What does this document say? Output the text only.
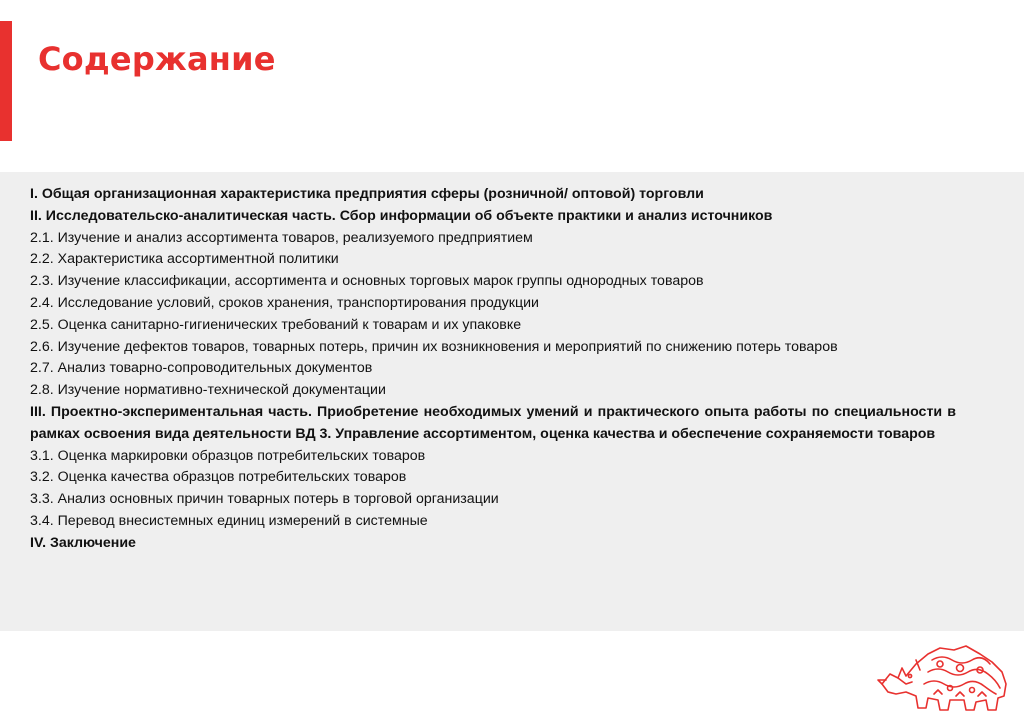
Содержание

I. Общая организационная характеристика предприятия сферы (розничной/ оптовой) торговли

II. Исследовательско-аналитическая часть. Сбор информации об объекте практики и анализ источников

2.1. Изучение и анализ ассортимента товаров, реализуемого предприятием

2.2. Характеристика ассортиментной политики

2.3. Изучение классификации, ассортимента и основных торговых марок группы однородных товаров

2.4. Исследование условий, сроков хранения, транспортирования продукции

2.5. Оценка санитарно-гигиенических требований к товарам и их упаковке

2.6. Изучение дефектов товаров, товарных потерь, причин их возникновения и мероприятий по снижению потерь товаров

2.7. Анализ товарно-сопроводительных документов

2.8. Изучение нормативно-технической документации

III. Проектно-экспериментальная часть. Приобретение необходимых умений и практического опыта работы по специальности в рамках освоения вида деятельности ВД 3. Управление ассортиментом, оценка качества и обеспечение сохраняемости товаров

3.1. Оценка маркировки образцов потребительских товаров

3.2. Оценка качества образцов потребительских товаров

3.3. Анализ основных причин товарных потерь в торговой организации

3.4. Перевод внесистемных единиц измерений в системные

IV. Заключение
